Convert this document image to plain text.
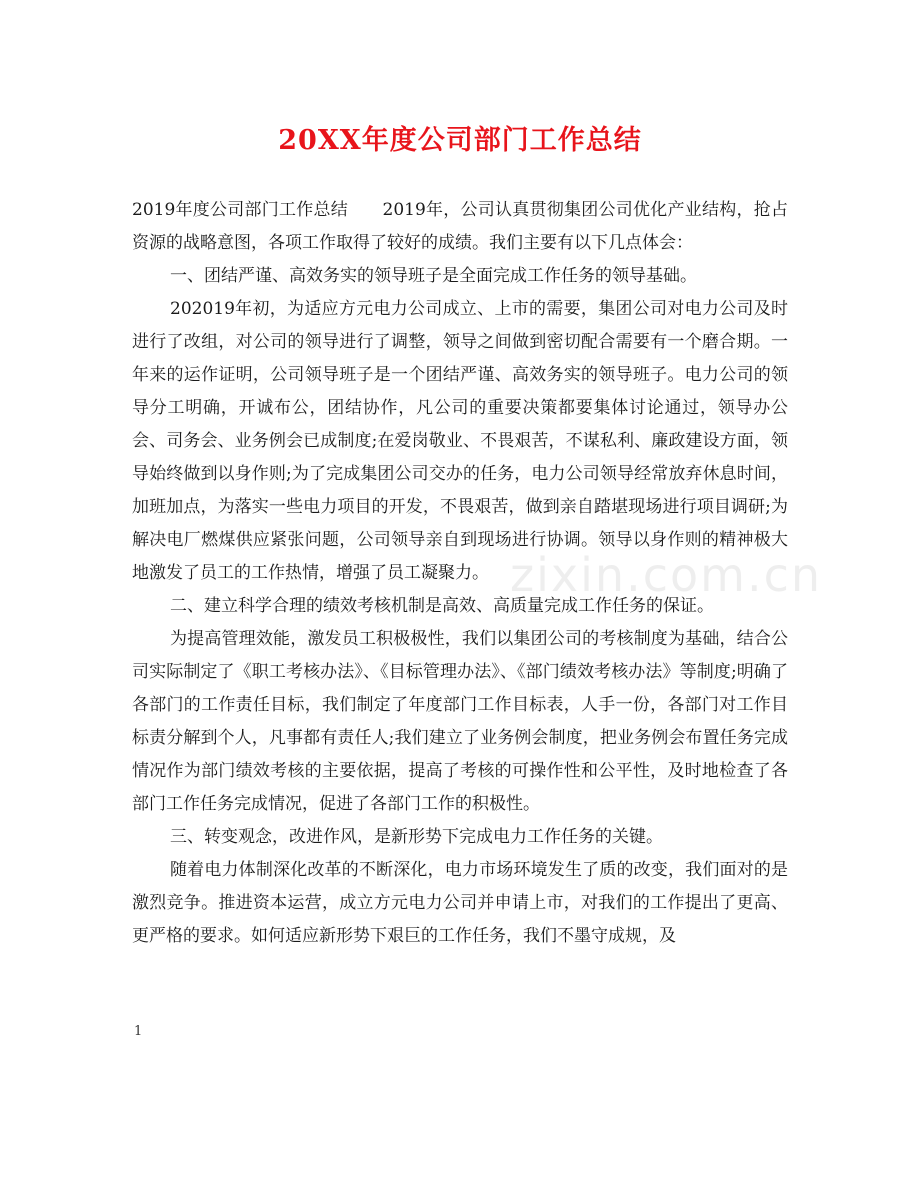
20XX年度公司部门工作总结

2019年度公司部门工作总结　　2019年，公司认真贯彻集团公司优化产业结构，抢占资源的战略意图，各项工作取得了较好的成绩。我们主要有以下几点体会：

一、团结严谨、高效务实的领导班子是全面完成工作任务的领导基础。

202019年初，为适应方元电力公司成立、上市的需要，集团公司对电力公司及时进行了改组，对公司的领导进行了调整，领导之间做到密切配合需要有一个磨合期。一年来的运作证明，公司领导班子是一个团结严谨、高效务实的领导班子。电力公司的领导分工明确，开诚布公，团结协作，凡公司的重要决策都要集体讨论通过，领导办公会、司务会、业务例会已成制度;在爱岗敬业、不畏艰苦，不谋私利、廉政建设方面，领导始终做到以身作则;为了完成集团公司交办的任务，电力公司领导经常放弃休息时间，加班加点，为落实一些电力项目的开发，不畏艰苦，做到亲自踏堪现场进行项目调研;为解决电厂燃煤供应紧张问题，公司领导亲自到现场进行协调。领导以身作则的精神极大地激发了员工的工作热情，增强了员工凝聚力。

二、建立科学合理的绩效考核机制是高效、高质量完成工作任务的保证。

为提高管理效能，激发员工积极极性，我们以集团公司的考核制度为基础，结合公司实际制定了《职工考核办法》、《目标管理办法》、《部门绩效考核办法》等制度;明确了各部门的工作责任目标，我们制定了年度部门工作目标表，人手一份，各部门对工作目标责分解到个人，凡事都有责任人;我们建立了业务例会制度，把业务例会布置任务完成情况作为部门绩效考核的主要依据，提高了考核的可操作性和公平性，及时地检查了各部门工作任务完成情况，促进了各部门工作的积极性。

三、转变观念，改进作风，是新形势下完成电力工作任务的关键。

随着电力体制深化改革的不断深化，电力市场环境发生了质的改变，我们面对的是激烈竞争。推进资本运营，成立方元电力公司并申请上市，对我们的工作提出了更高、更严格的要求。如何适应新形势下艰巨的工作任务，我们不墨守成规，及

zixin.com.cn
1
